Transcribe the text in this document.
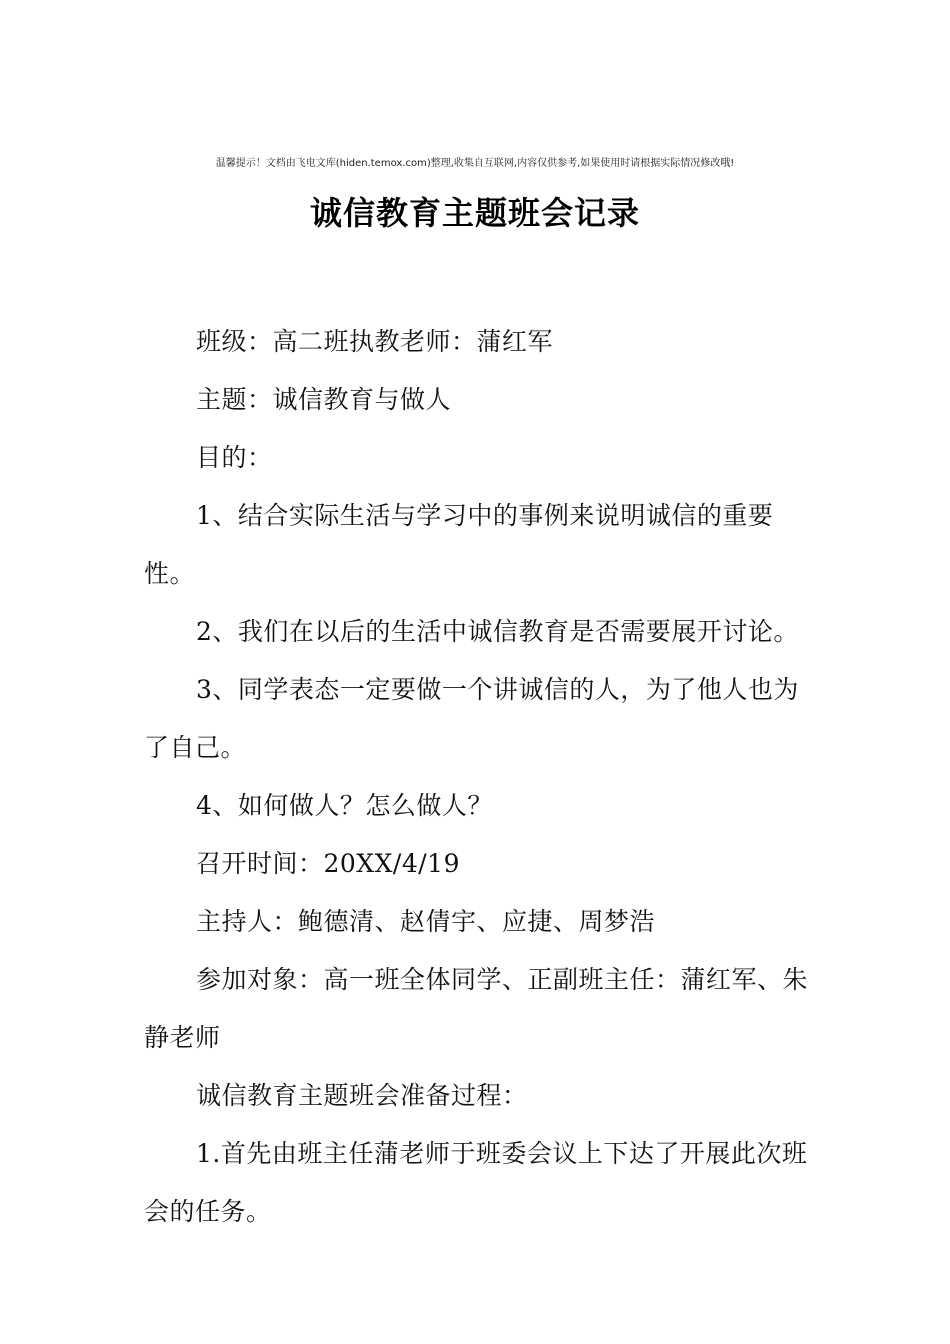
温馨提示！文档由飞电文库(hiden.temox.com)整理,收集自互联网,内容仅供参考,如果使用时请根据实际情况修改哦!
诚信教育主题班会记录

班级：高二班执教老师：蒲红军

主题：诚信教育与做人

目的：

1、结合实际生活与学习中的事例来说明诚信的重要性。

2、我们在以后的生活中诚信教育是否需要展开讨论。

3、同学表态一定要做一个讲诚信的人，为了他人也为了自己。

4、如何做人？怎么做人？

召开时间：20XX/4/19

主持人：鲍德清、赵倩宇、应捷、周梦浩

参加对象：高一班全体同学、正副班主任：蒲红军、朱静老师

诚信教育主题班会准备过程：

1.首先由班主任蒲老师于班委会议上下达了开展此次班会的任务。
